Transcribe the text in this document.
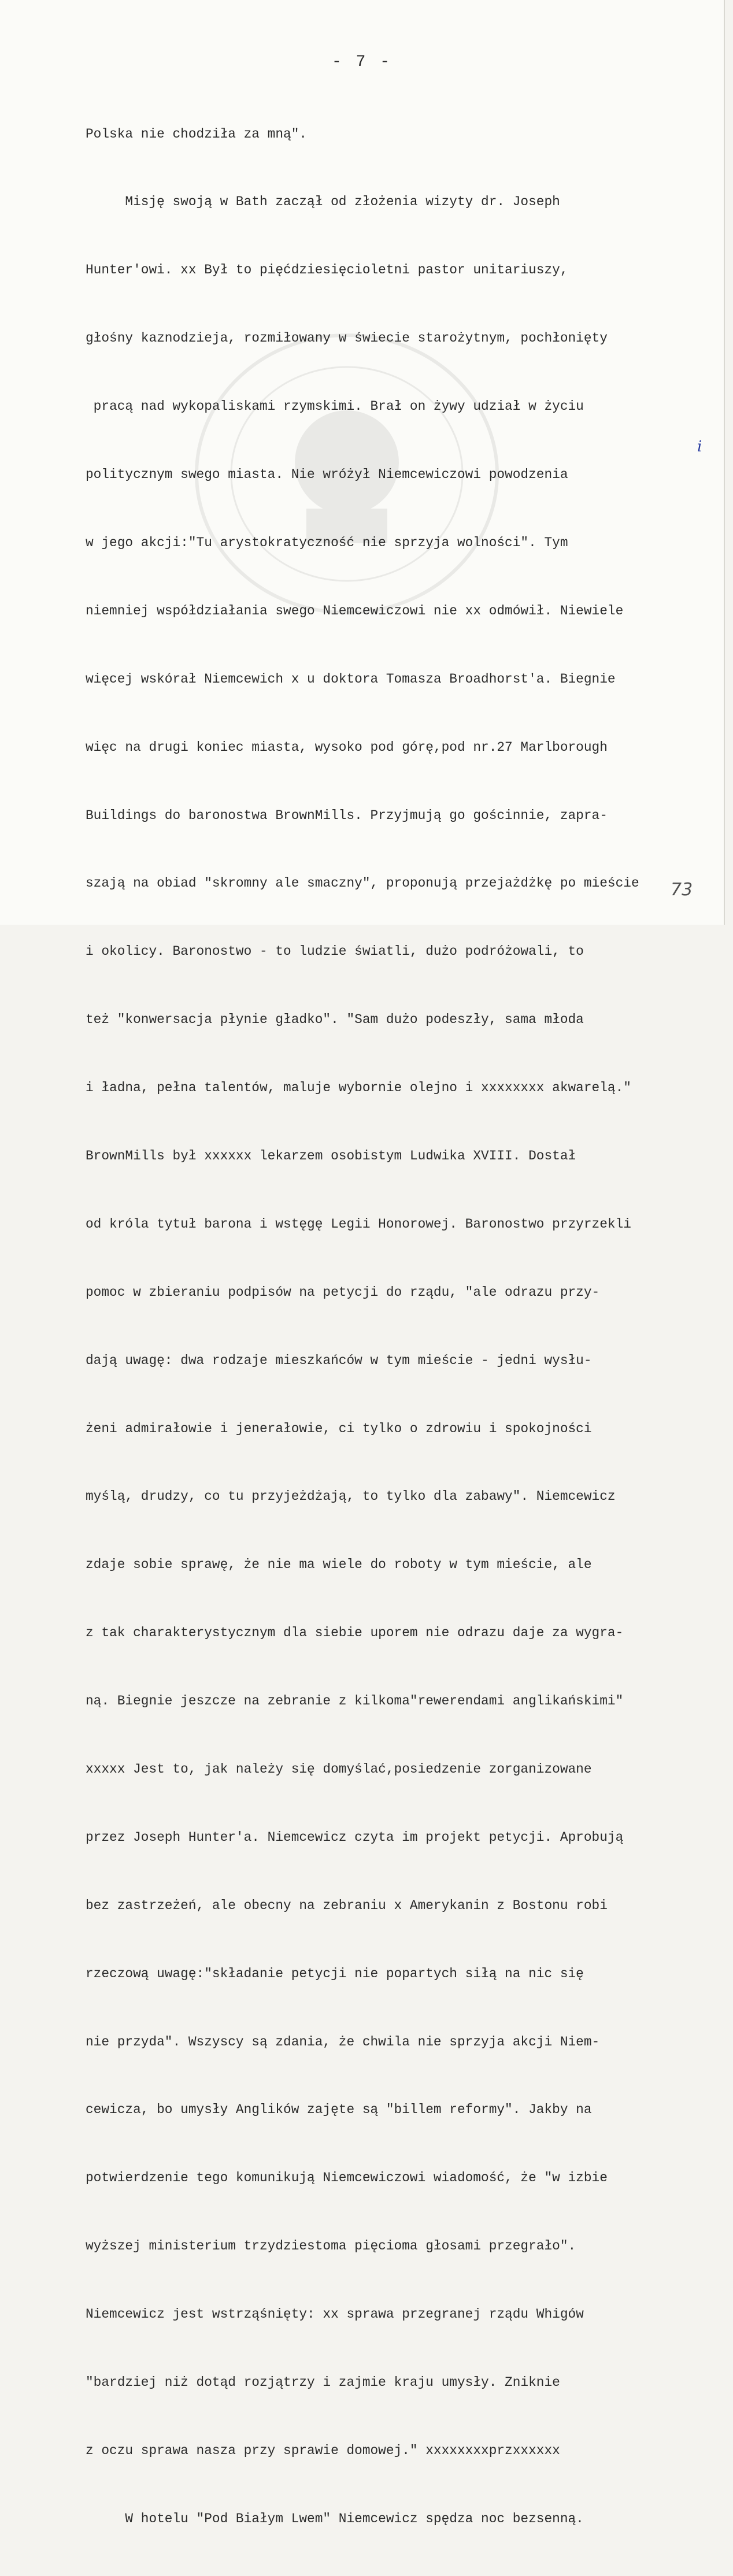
- 7 -

Polska nie chodziła za mną".

Misję swoją w Bath zaczął od złożenia wizyty dr. Joseph

Hunter'owi. xx Był to pięćdziesięcioletni pastor unitariuszy,

głośny kaznodzieja, rozmiłowany w świecie starożytnym, pochłonięty

pracą nad wykopaliskami rzymskimi. Brał on żywy udział w życiu

politycznym swego miasta. Nie wróżył Niemcewiczowi powodzenia

w jego akcji:"Tu arystokratyczność nie sprzyja wolności". Tym

niemniej współdziałania swego Niemcewiczowi nie xx odmówił. Niewiele

więcej wskórał Niemcewich x u doktora Tomasza Broadhorst'a. Biegnie

więc na drugi koniec miasta, wysoko pod górę,pod nr.27 Marlborough

Buildings do baronostwa BrownMills. Przyjmują go gościnnie, zapra-

szają na obiad "skromny ale smaczny", proponują przejażdżkę po mieście

i okolicy. Baronostwo - to ludzie światli, dużo podróżowali, to

też "konwersacja płynie gładko". "Sam dużo podeszły, sama młoda

i ładna, pełna talentów, maluje wybornie olejno i xxxxxxxx akwarelą."

BrownMills był xxxxxx lekarzem osobistym Ludwika XVIII. Dostał

od króla tytuł barona i wstęgę Legii Honorowej. Baronostwo przyrzekli

pomoc w zbieraniu podpisów na petycji do rządu, "ale odrazu przy-

dają uwagę: dwa rodzaje mieszkańców w tym mieście - jedni wysłu-

żeni admirałowie i jenerałowie, ci tylko o zdrowiu i spokojności

myślą, drudzy, co tu przyjeżdżają, to tylko dla zabawy". Niemcewicz

zdaje sobie sprawę, że nie ma wiele do roboty w tym mieście, ale

z tak charakterystycznym dla siebie uporem nie odrazu daje za wygra-

ną. Biegnie jeszcze na zebranie z kilkoma"rewerendami anglikańskimi"

xxxxx Jest to, jak należy się domyślać,posiedzenie zorganizowane

przez Joseph Hunter'a. Niemcewicz czyta im projekt petycji. Aprobują

bez zastrzeżeń, ale obecny na zebraniu x Amerykanin z Bostonu robi

rzeczową uwagę:"składanie petycji nie popartych siłą na nic się

nie przyda". Wszyscy są zdania, że chwila nie sprzyja akcji Niem-

cewicza, bo umysły Anglików zajęte są "billem reformy". Jakby na

potwierdzenie tego komunikują Niemcewiczowi wiadomość, że "w izbie

wyższej ministerium trzydziestoma pięcioma głosami przegrało".

Niemcewicz jest wstrząśnięty: xx sprawa przegranej rządu Whigów

"bardziej niż dotąd rozjątrzy i zajmie kraju umysły. Zniknie

z oczu sprawa nasza przy sprawie domowej." xxxxxxxxprzxxxxxx

W hotelu "Pod Białym Lwem" Niemcewicz spędza noc bezsenną.

i
73
